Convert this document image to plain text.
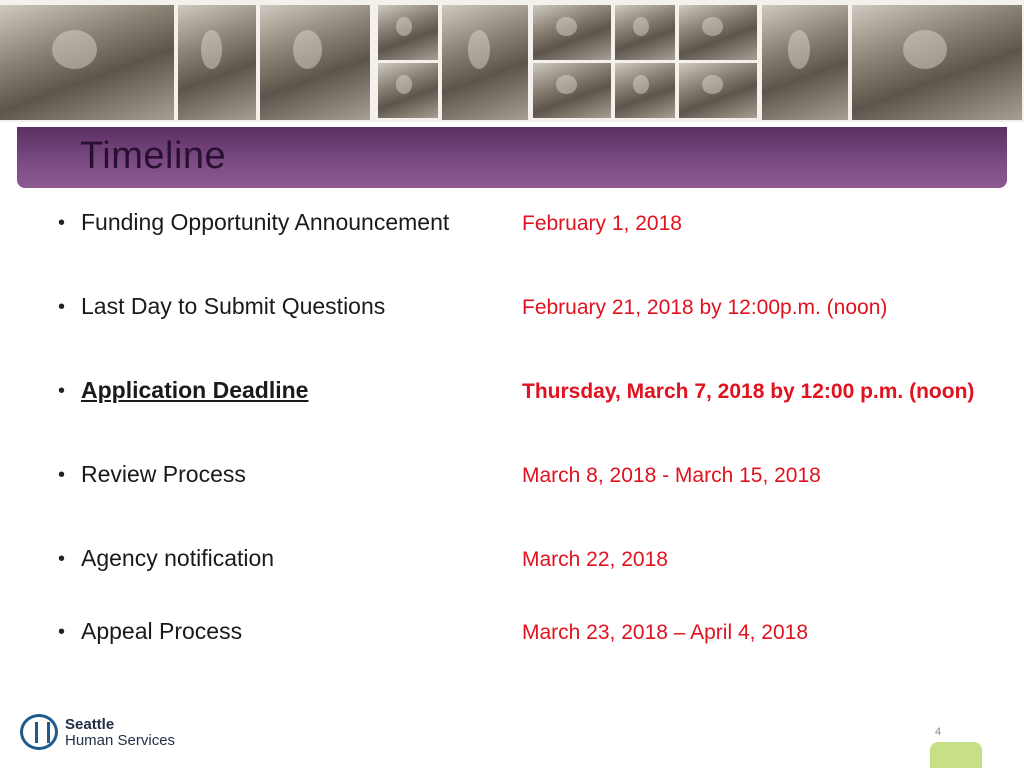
Timeline
• Funding Opportunity Announcement	February 1, 2018
• Last Day to Submit Questions	February 21, 2018 by 12:00p.m. (noon)
• Application Deadline	Thursday, March 7, 2018 by 12:00 p.m. (noon)
• Review Process	March 8, 2018 - March 15, 2018
• Agency notification	March 22, 2018
• Appeal Process	March 23, 2018 – April 4, 2018
Seattle
Human Services	4
